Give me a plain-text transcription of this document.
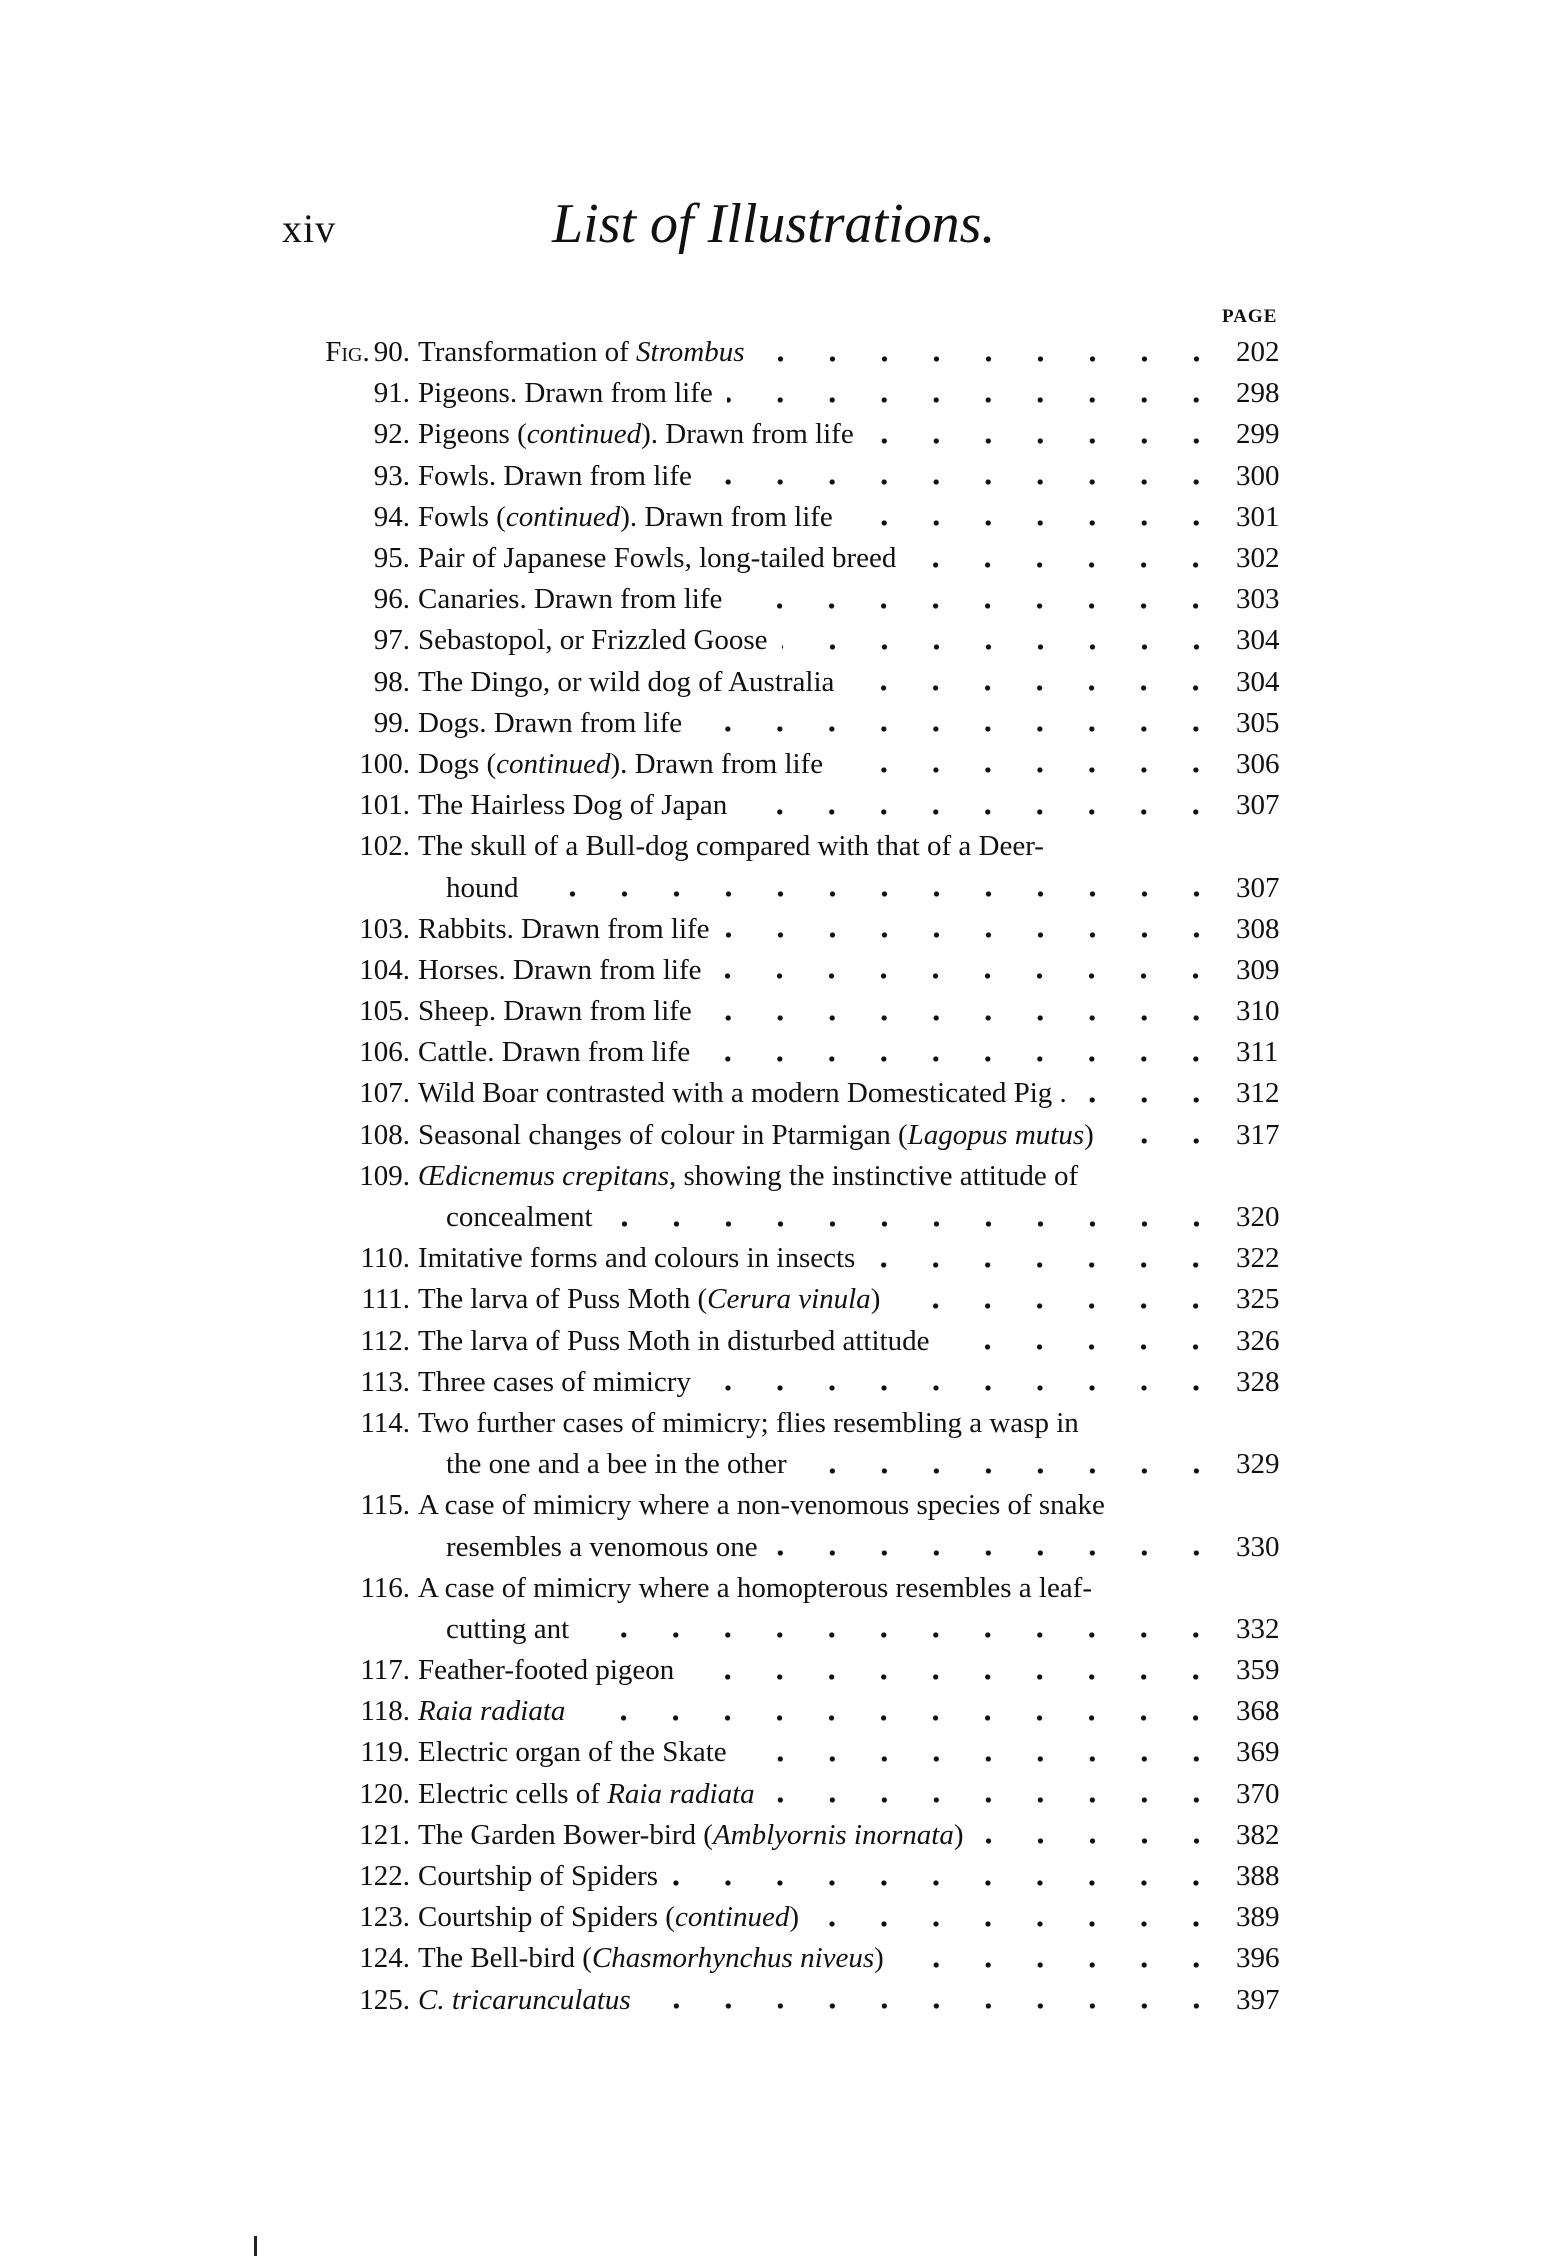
xiv	List of Illustrations.
PAGE
Fig. 90. Transformation of Strombus	202
91. Pigeons. Drawn from life	298
92. Pigeons (continued). Drawn from life	299
93. Fowls. Drawn from life	300
94. Fowls (continued). Drawn from life	301
95. Pair of Japanese Fowls, long-tailed breed	302
96. Canaries. Drawn from life	303
97. Sebastopol, or Frizzled Goose	304
98. The Dingo, or wild dog of Australia	304
99. Dogs. Drawn from life	305
100. Dogs (continued). Drawn from life	306
101. The Hairless Dog of Japan	307
102. The skull of a Bull-dog compared with that of a Deer-
hound	307
103. Rabbits. Drawn from life	308
104. Horses. Drawn from life	309
105. Sheep. Drawn from life	310
106. Cattle. Drawn from life	311
107. Wild Boar contrasted with a modern Domesticated Pig .	312
108. Seasonal changes of colour in Ptarmigan (Lagopus mutus)	317
109. Œdicnemus crepitans, showing the instinctive attitude of
concealment	320
110. Imitative forms and colours in insects	322
111. The larva of Puss Moth (Cerura vinula)	325
112. The larva of Puss Moth in disturbed attitude	326
113. Three cases of mimicry	328
114. Two further cases of mimicry; flies resembling a wasp in
the one and a bee in the other	329
115. A case of mimicry where a non-venomous species of snake
resembles a venomous one	330
116. A case of mimicry where a homopterous resembles a leaf-
cutting ant	332
117. Feather-footed pigeon	359
118. Raia radiata	368
119. Electric organ of the Skate	369
120. Electric cells of Raia radiata	370
121. The Garden Bower-bird (Amblyornis inornata)	382
122. Courtship of Spiders	388
123. Courtship of Spiders (continued)	389
124. The Bell-bird (Chasmorhynchus niveus)	396
125. C. tricarunculatus	397
